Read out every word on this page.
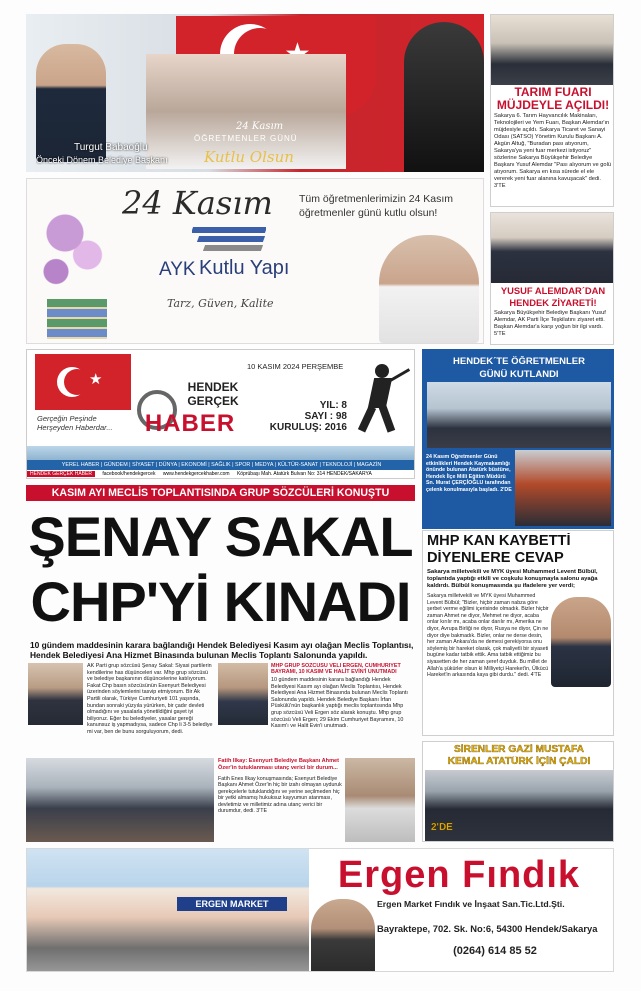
Turgut Babaoğlu
Önceki Dönem Belediye Başkanı
24 Kasım
ÖĞRETMENLER GÜNÜ
Kutlu Olsun
24 Kasım	Tüm öğretmenlerimizin 24 Kasım
öğretmenler günü kutlu olsun!
AYK Kutlu Yapı
Tarz, Güven, Kalite
★
Gerçeğin Peşinde
Herşeyden Haberdar...
HENDEK
GERÇEK
HABER
10 KASIM 2024 PERŞEMBE
YIL: 8
SAYI : 98
KURULUŞ: 2016
YEREL HABER | GÜNDEM | SİYASET | DÜNYA | EKONOMİ | SAĞLIK | SPOR | MEDYA | KÜLTÜR-SANAT | TEKNOLOJİ | MAGAZİN
HENDEK GERÇEK HABER facebook/hendekgercek www.hendekgercekhaber.com Köprübaşı Mah. Atatürk Bulvarı No: 314 HENDEK/SAKARYA
TARIM FUARI
MÜJDEYLE AÇILDI!
Sakarya 6. Tarım Hayvancılık Makinaları, Teknolojileri ve Yem Fuarı, Başkan Alemdar'ın müjdesiyle açıldı. Sakarya Ticaret ve Sanayi Odası (SATSO) Yönetim Kurulu Başkanı A. Akgün Altuğ, "Buradan pası atıyorum, Sakarya'ya yeni fuar merkezi istiyoruz" sözlerine Sakarya Büyükşehir Belediye Başkanı Yusuf Alemdar "Pası alıyorum ve golü atıyorum. Sakarya en kısa sürede el ele vererek yeni fuar alanına kavuşacak" dedi. 3'TE
YUSUF ALEMDAR´DAN
HENDEK ZİYARETİ!
Sakarya Büyükşehir Belediye Başkanı Yusuf Alemdar, AK Parti İlçe Teşkilatını ziyaret etti. Başkan Alemdar'a karşı yoğun bir ilgi vardı. 5'TE
HENDEK´TE ÖĞRETMENLER
GÜNÜ KUTLANDI
24 Kasım Öğretmenler Günü etkinlikleri Hendek Kaymakamlığı önünde bulunan Atatürk büstüne, Hendek İlçe Milli Eğitim Müdürü Sn. Murat ÇERÇİOĞLU tarafından çelenk konulmasıyla başladı. 2'DE
KASIM AYI MECLİS TOPLANTISINDA GRUP SÖZCÜLERİ KONUŞTU
ŞENAY SAKAL
CHP'Yİ KINADI
10 gündem maddesinin karara bağlandığı Hendek Belediyesi Kasım ayı olağan Meclis Toplantısı, Hendek Belediyesi Ana Hizmet Binasında bulunan Meclis Toplantı Salonunda yapıldı.
AK Parti grup sözcüsü Şenay Sakal: Siyasi partilerin kendilerine has düşünceleri var. Mhp grup sözcüsü ve belediye başkanının düşüncelerine katılıyorum. Fakat Chp basın sözcüsünün Esenyurt Belediyesi üzerinden söylemlerini tasvip etmiyorum. Bir Ak Partili olarak, Türkiye Cumhuriyeti 101 yaşında, bundan sonraki yüzyıla yürürken, bir çadır devleti olmadığını ve yasalarla yönetildiğini gayet iyi biliyoruz. Eğer bu belediyeler, yasalar gereği kanunsuz iş yapmadıysa, sadece Chp li 3-5 belediye mi var, ben de bunu sorguluyorum, dedi.
MHP GRUP SÖZCÜSÜ VELİ ERGEN, CUMHURİYET BAYRAMI, 10 KASIM VE HALİT EVİN'İ UNUTMADI
10 gündem maddesinin karara bağlandığı Hendek Belediyesi Kasım ayı olağan Meclis Toplantısı, Hendek Belediyesi Ana Hizmet Binasında bulunan Meclis Toplantı Salonunda yapıldı. Hendek Belediye Başkanı İrfan Püskülü'nün başkanlık yaptığı meclis toplantısında Mhp grup sözcüsü Veli Ergen söz alarak konuştu. Mhp grup sözcüsü Veli Ergen; 29 Ekim Cumhuriyet Bayramını, 10 Kasım'ı ve Halit Evin'i unutmadı.
Fatih İlkay: Esenyurt Belediye Başkanı Ahmet Özer'in tutuklanması utanç verici bir durum...
Fatih Enes İlkay konuşmasında; Esenyurt Belediye Başkanı Ahmet Özer'in hiç bir izahı olmayan uyduruk gerekçelerle tutuklandığını ve yerine seçilmeden hiç bir yetki almamış hukuksuz kayyumun atanması, devletimiz ve milletimiz adına utanç verici bir durumdur, dedi. 3'TE
MHP KAN KAYBETTİ
DİYENLERE CEVAP
Sakarya milletvekili ve MYK üyesi Muhammed Levent Bülbül, toplantıda yaptığı etkili ve coşkulu konuşmayla salonu ayağa kaldırdı. Bülbül konuşmasında şu ifadelere yer verdi;
Sakarya milletvekili ve MYK üyesi Muhammed Levent Bülbül; "Bizler, hiçbir zaman nabza göre şerbet verme eğilimi içerisinde olmadık. Bizler hiçbir zaman Ahmet ne diyor, Mehmet ne diyor, acaba onlar kırılır mı, acaba onlar darılır mı, Amerika ne diyor, Avrupa Birliği ne diyor, Rusya ne diyor, Çin ne diyor diye bakmadık. Bizler, onlar ne derse desin, her zaman Ankara'da ne demesi gerekiyorsa onu söylemiş bir hareket olarak, çok maliyetli bir siyaseti bugüne kadar tatbik ettik. Ama tatbik ettiğimiz bu siyasetten de her zaman şeref duyduk. Bu millet de Allah'a şükürler olsun ki Milliyetçi Hareket'in, Ülkücü Hareket'in arkasında kaya gibi durdu." dedi. 4'TE
SİRENLER GAZİ MUSTAFA
KEMAL ATATÜRK İÇİN ÇALDI
2'DE
ERGEN MARKET
Ergen Fındık
Ergen Market Fındık ve İnşaat San.Tic.Ltd.Şti.
Bayraktepe, 702. Sk. No:6, 54300 Hendek/Sakarya
(0264) 614 85 52
